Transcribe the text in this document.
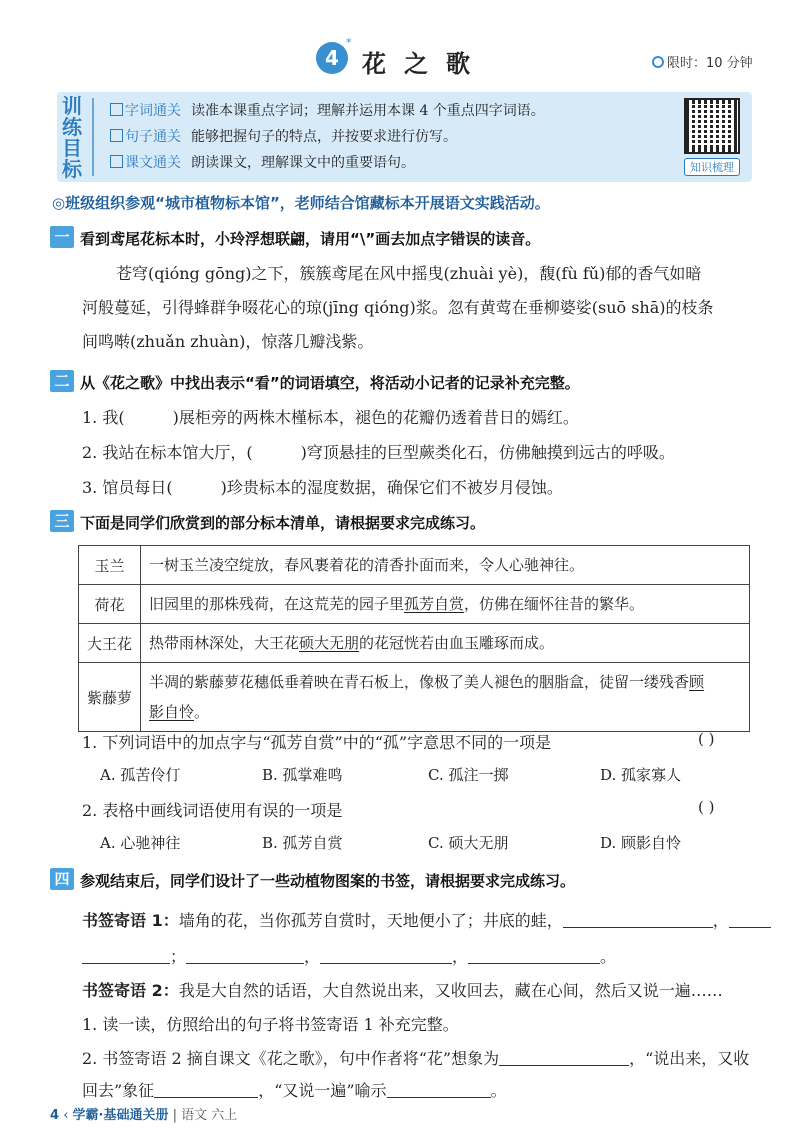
4
*
花之歌	限时：10 分钟
训练目标
字词通关 读准本课重点字词；理解并运用本课 4 个重点四字词语。
句子通关 能够把握句子的特点，并按要求进行仿写。
课文通关 朗读课文，理解课文中的重要语句。	知识梳理
◎班级组织参观“城市植物标本馆”，老师结合馆藏标本开展语文实践活动。
一 看到鸢尾花标本时，小玲浮想联翩，请用“\”画去加点字错误的读音。
苍穹(qióng gōng)之下，簇簇鸢尾在风中摇曳(zhuài yè)，馥(fù fǔ)郁的香气如暗
河般蔓延，引得蜂群争啜花心的琼(jīng qióng)浆。忽有黄莺在垂柳婆娑(suō shā)的枝条
间鸣啭(zhuǎn zhuàn)，惊落几瓣浅紫。
二 从《花之歌》中找出表示“看”的词语填空，将活动小记者的记录补充完整。
1. 我(	)展柜旁的两株木槿标本，褪色的花瓣仍透着昔日的嫣红。
2. 我站在标本馆大厅，(	)穹顶悬挂的巨型蕨类化石，仿佛触摸到远古的呼吸。
3. 馆员每日(	)珍贵标本的湿度数据，确保它们不被岁月侵蚀。
三 下面是同学们欣赏到的部分标本清单，请根据要求完成练习。
玉兰	一树玉兰凌空绽放，春风裹着花的清香扑面而来，令人心驰神往。
荷花	旧园里的那株残荷，在这荒芜的园子里孤芳自赏，仿佛在缅怀往昔的繁华。
大王花	热带雨林深处，大王花硕大无朋的花冠恍若由血玉雕琢而成。
紫藤萝	半凋的紫藤萝花穗低垂着映在青石板上，像极了美人褪色的胭脂盒，徒留一缕残香顾
影自怜。
1. 下列词语中的加点字与“孤芳自赏”中的“孤”字意思不同的一项是	( )
A. 孤苦伶仃	B. 孤掌难鸣	C. 孤注一掷	D. 孤家寡人
2. 表格中画线词语使用有误的一项是	( )
A. 心驰神往	B. 孤芳自赏	C. 硕大无朋	D. 顾影自怜
四 参观结束后，同学们设计了一些动植物图案的书签，请根据要求完成练习。
书签寄语 1：墙角的花，当你孤芳自赏时，天地便小了；井底的蛙，	，
；	，	，	。
书签寄语 2：我是大自然的话语，大自然说出来，又收回去，藏在心间，然后又说一遍……
1. 读一读，仿照给出的句子将书签寄语 1 补充完整。
2. 书签寄语 2 摘自课文《花之歌》，句中作者将“花”想象为	，“说出来，又收
回去”象征	，“又说一遍”喻示	。
4 ‹ 学霸·基础通关册 | 语文 六上
